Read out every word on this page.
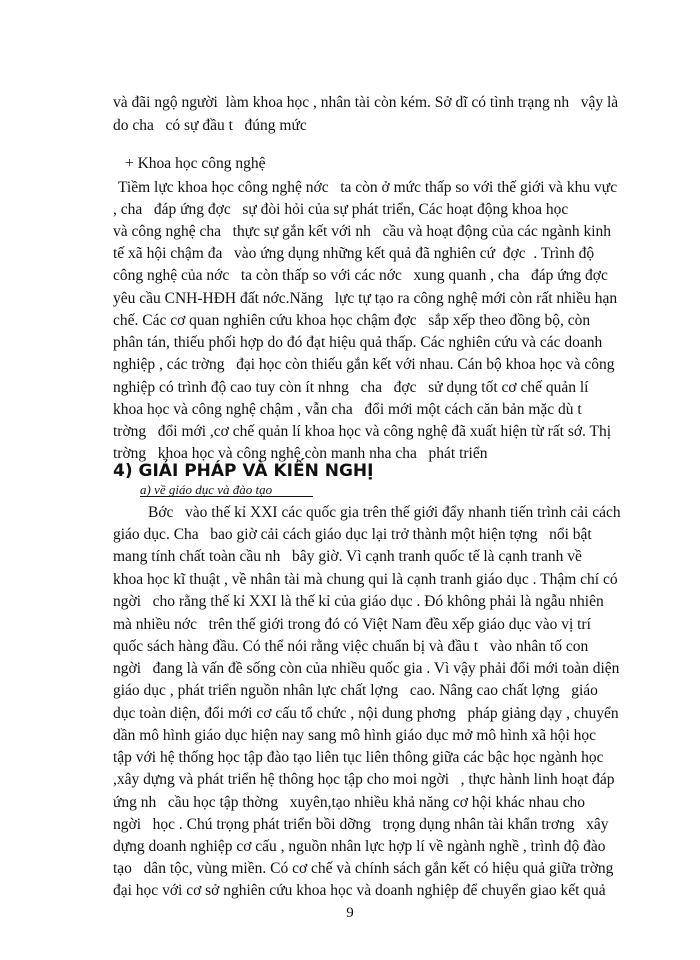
và đãi ngộ người  làm khoa học , nhân tài còn kém. Sở dĩ có tình trạng nh   vậy là

do cha   có sự đầu t   đúng mức

+ Khoa học công nghệ

Tiềm lực khoa học công nghệ nớc   ta còn ở mức thấp so với thế giới và khu vực

, cha   đáp ứng đợc   sự đòi hỏi của sự phát triển, Các hoạt động khoa học

và công nghệ cha   thực sự gắn kết với nh   cầu và hoạt động của các ngành kinh

tế xã hội chậm đa   vào ứng dụng những kết quả đã nghiên cứ  đợc  . Trình độ

công nghệ của nớc   ta còn thấp so với các nớc   xung quanh , cha   đáp ứng đợc

yêu cầu CNH-HĐH đất nớc.Năng   lực tự tạo ra công nghệ mới còn rất nhiều hạn

chế. Các cơ quan nghiên cứu khoa học chậm đợc   sắp xếp theo đồng bộ, còn

phân tán, thiếu phối hợp do đó đạt hiệu quả thấp. Các nghiên cứu và các doanh

nghiệp , các trờng   đại học còn thiếu gắn kết với nhau. Cán bộ khoa học và công

nghiệp có trình độ cao tuy còn ít nhng   cha   đợc   sử dụng tốt cơ chế quản lí

khoa học và công nghệ chậm , vẫn cha   đổi mới một cách căn bản mặc dù t

trờng   đổi mới ,cơ chế quản lí khoa học và công nghệ đã xuất hiện từ rất sớ. Thị

trờng   khoa học và công nghệ còn manh nha cha   phát triển

4) GIẢI PHÁP VÀ KIẾN NGHỊ

a) về giáo dục và đào tạo

Bớc   vào thế kỉ XXI các quốc gia trên thế giới đẩy nhanh tiến trình cải cách

giáo dục. Cha   bao giờ cải cách giáo dục lại trở thành một hiện tợng   nổi bật

mang tính chất toàn cầu nh   bây giờ. Vì cạnh tranh quốc tế là cạnh tranh về

khoa học kĩ thuật , về nhân tài mà chung qui là cạnh tranh giáo dục . Thậm chí có

ngời   cho rằng thế kỉ XXI là thế kỉ của giáo dục . Đó không phải là ngẫu nhiên

mà nhiều nớc   trên thế giới trong đó có Việt Nam đều xếp giáo dục vào vị trí

quốc sách hàng đầu. Có thể nói rằng việc chuẩn bị và đầu t   vào nhân tố con

ngời   đang là vấn đề sống còn của nhiều quốc gia . Vì vậy phải đổi mới toàn diện

giáo dục , phát triển nguồn nhân lực chất lợng   cao. Nâng cao chất lợng   giáo

dục toàn diện, đổi mới cơ cấu tổ chức , nội dung phơng   pháp giảng dạy , chuyển

dần mô hình giáo dục hiện nay sang mô hình giáo dục mở mô hình xã hội học

tập với hệ thống học tập đào tạo liên tục liên thông giữa các bậc học ngành học

,xây dựng và phát triển hệ thông học tập cho moi ngời   , thực hành linh hoạt đáp

ứng nh   cầu học tập thờng   xuyên,tạo nhiều khả năng cơ hội khác nhau cho

ngời   học . Chú trọng phát triển bồi dỡng   trọng dụng nhân tài khẩn trơng   xây

dựng doanh nghiệp cơ cấu , nguồn nhân lực hợp lí về ngành nghề , trình độ đào

tạo   dân tộc, vùng miền. Có cơ chế và chính sách gắn kết có hiệu quả giữa trờng

đại học với cơ sở nghiên cứu khoa học và doanh nghiệp để chuyển giao kết quả

9
